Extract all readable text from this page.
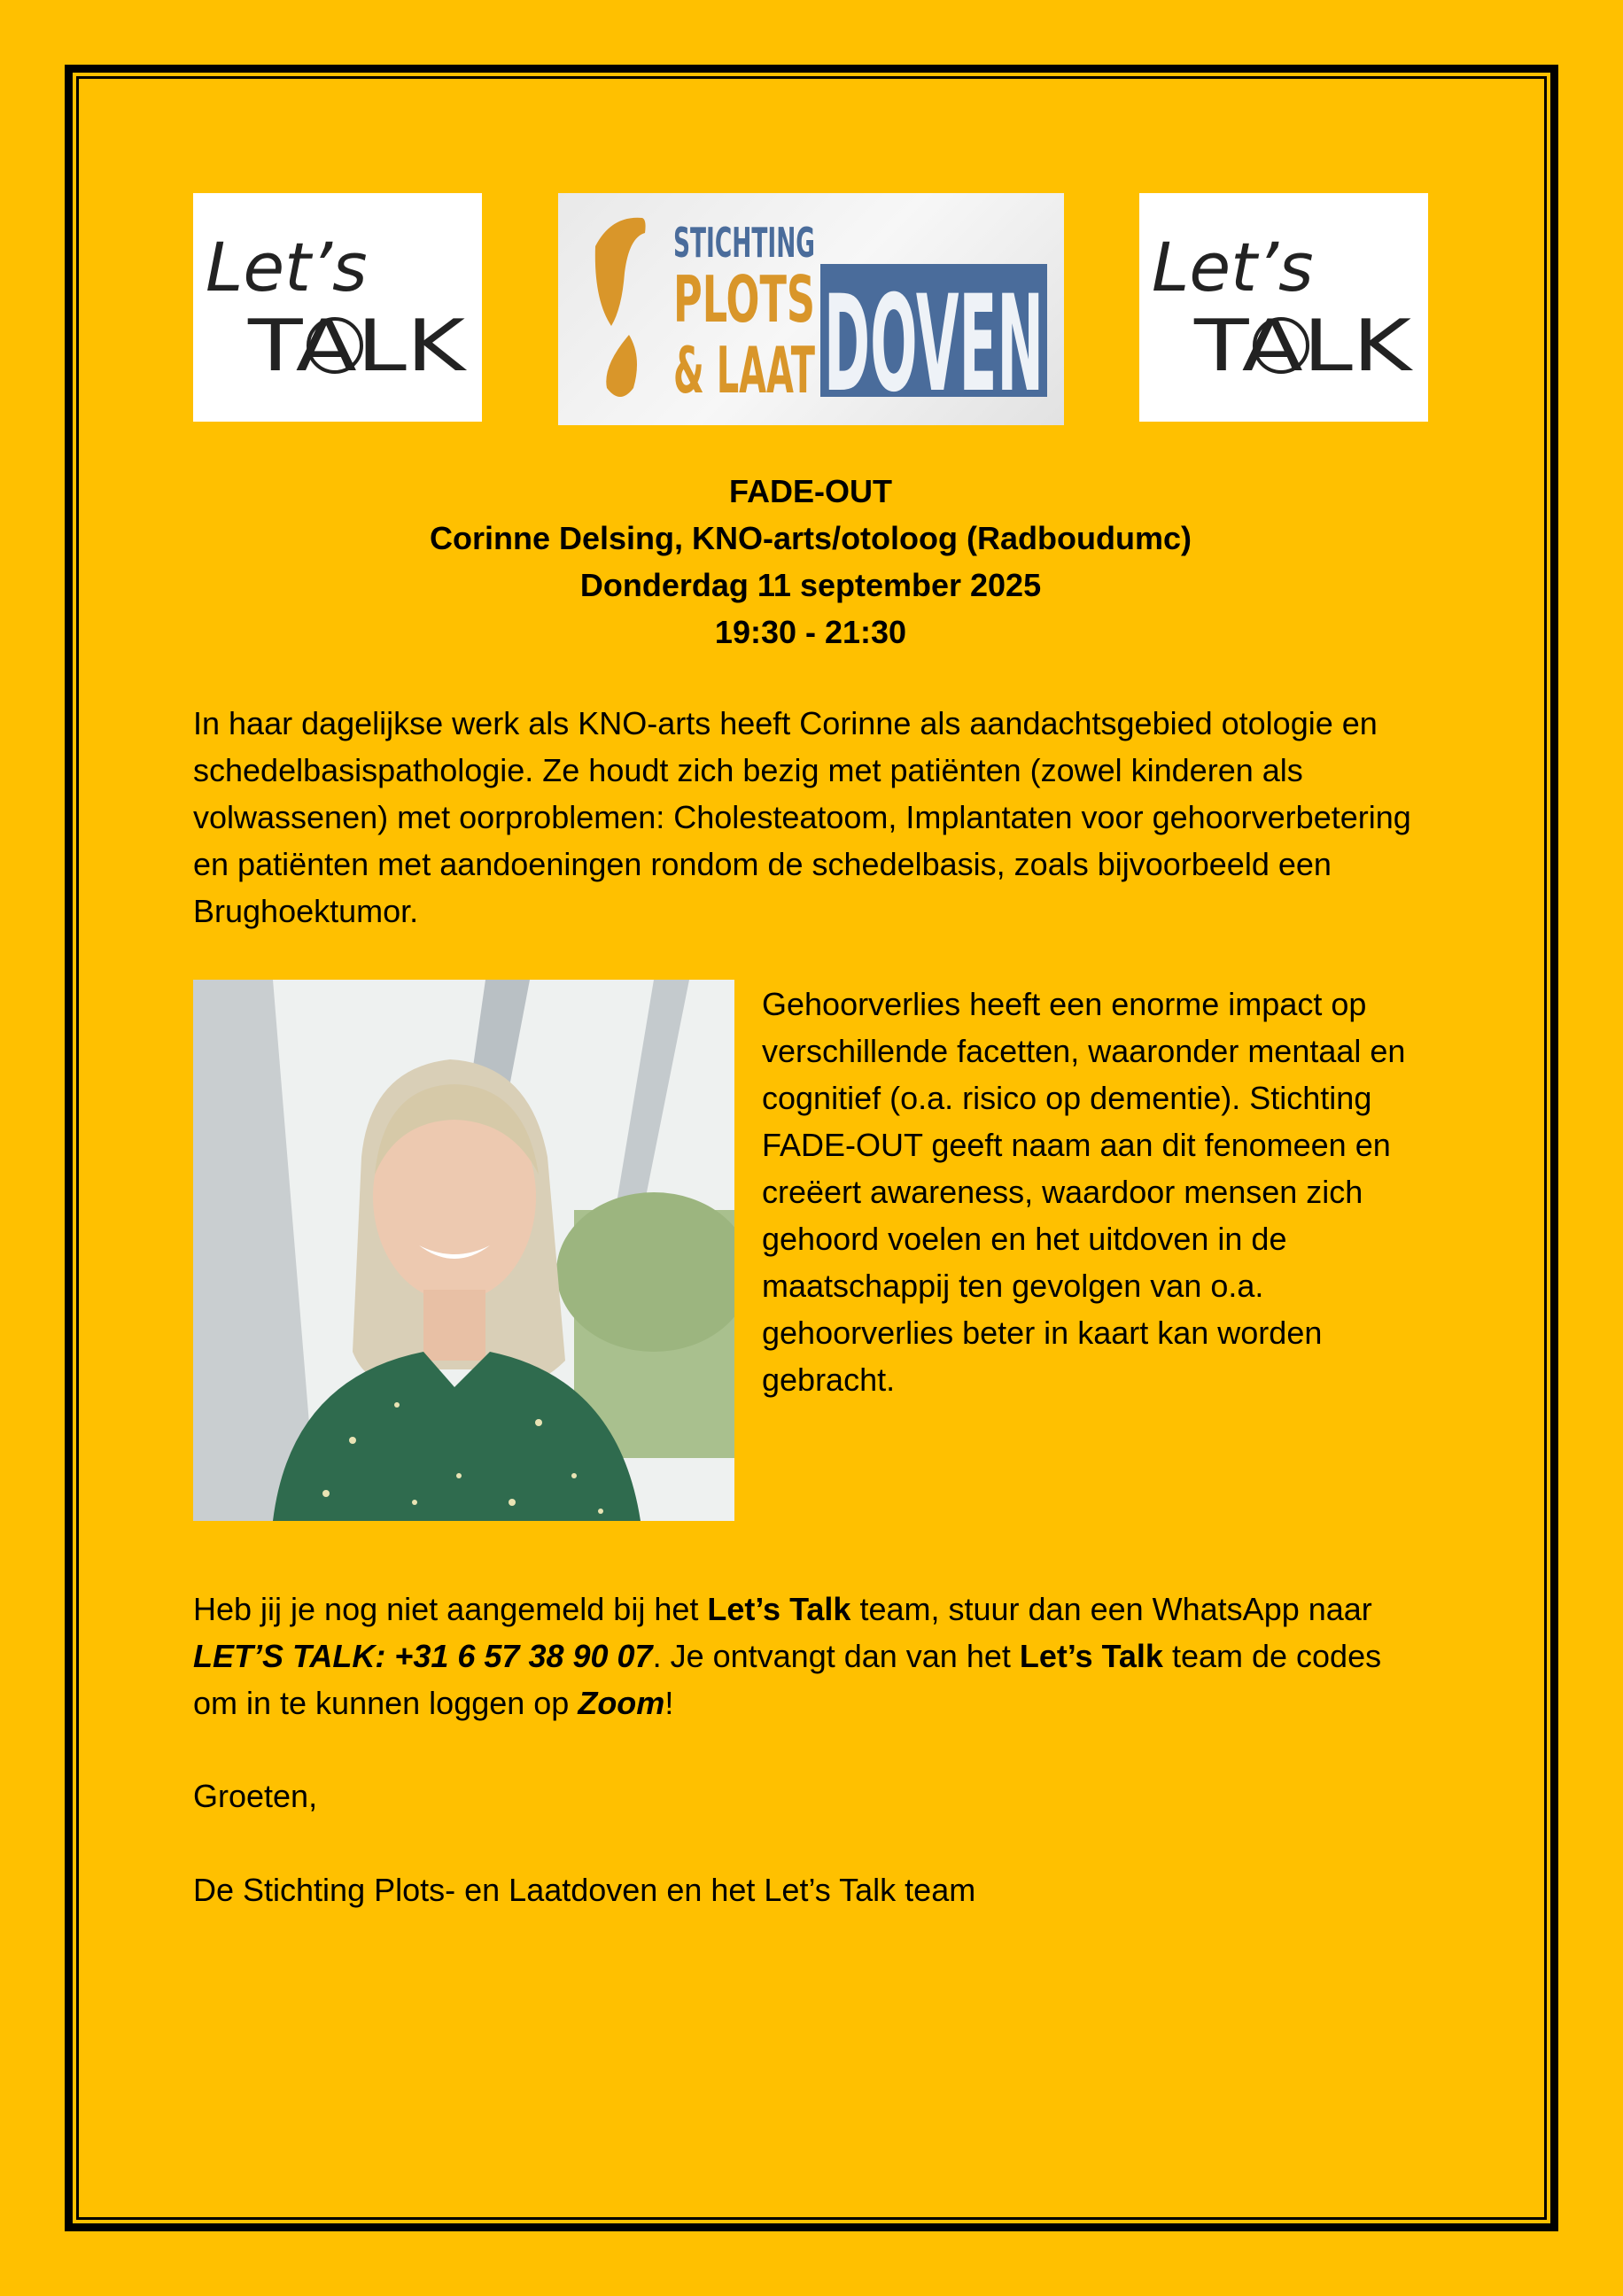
Let’s
TALK
STICHTING
PLOTS
& LAAT DOVEN
Let’s
TALK
FADE-OUT
Corinne Delsing, KNO-arts/otoloog (Radboudumc)
Donderdag 11 september 2025
19:30 - 21:30
In haar dagelijkse werk als KNO-arts heeft Corinne als aandachtsgebied otologie en schedelbasispathologie. Ze houdt zich bezig met patiënten (zowel kinderen als volwassenen) met oorproblemen: Cholesteatoom, Implantaten voor gehoorverbetering en patiënten met aandoeningen rondom de schedelbasis, zoals bijvoorbeeld een Brughoektumor.
Gehoorverlies heeft een enorme impact op verschillende facetten, waaronder mentaal en cognitief (o.a. risico op dementie). Stichting FADE-OUT geeft naam aan dit fenomeen en creëert awareness, waardoor mensen zich gehoord voelen en het uitdoven in de maatschappij ten gevolgen van o.a. gehoorverlies beter in kaart kan worden gebracht.
Heb jij je nog niet aangemeld bij het Let’s Talk team, stuur dan een WhatsApp naar LET’S TALK: +31 6 57 38 90 07. Je ontvangt dan van het Let’s Talk team de codes om in te kunnen loggen op Zoom!
Groeten,
De Stichting Plots- en Laatdoven en het Let’s Talk team
